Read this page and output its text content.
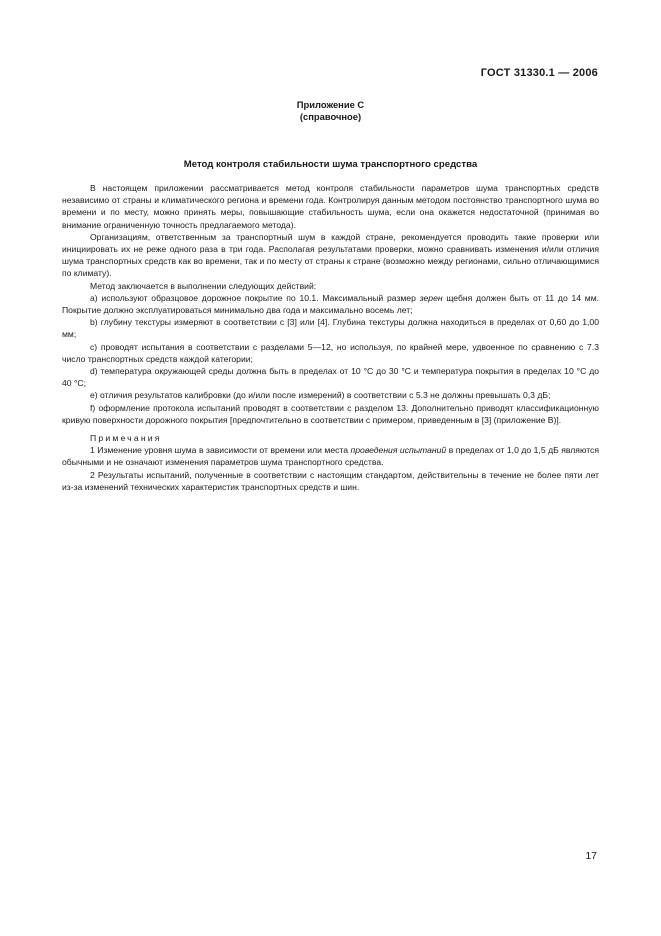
ГОСТ 31330.1 — 2006
Приложение С
(справочное)
Метод контроля стабильности шума транспортного средства

В настоящем приложении рассматривается метод контроля стабильности параметров шума транспортных средств независимо от страны и климатического региона и времени года. Контролируя данным методом постоянство транспортного шума во времени и по месту, можно принять меры, повышающие стабильность шума, если она окажется недостаточной (принимая во внимание ограниченную точность предлагаемого метода).

Организациям, ответственным за транспортный шум в каждой стране, рекомендуется проводить такие проверки или инициировать их не реже одного раза в три года. Располагая результатами проверки, можно сравнивать изменения и/или отличия шума транспортных средств как во времени, так и по месту от страны к стране (возможно между регионами, сильно отличающимися по климату).

Метод заключается в выполнении следующих действий:

a) используют образцовое дорожное покрытие по 10.1. Максимальный размер зерен щебня должен быть от 11 до 14 мм. Покрытие должно эксплуатироваться минимально два года и максимально восемь лет;

b) глубину текстуры измеряют в соответствии с [3] или [4]. Глубина текстуры должна находиться в пределах от 0,60 до 1,00 мм;

c) проводят испытания в соответствии с разделами 5—12, но используя, по крайней мере, удвоенное по сравнению с 7.3 число транспортных средств каждой категории;

d) температура окружающей среды должна быть в пределах от 10 °С до 30 °С и температура покрытия в пределах 10 °С до 40 °С;

e) отличия результатов калибровки (до и/или после измерений) в соответствии с 5.3 не должны превышать 0,3 дБ;

f) оформление протокола испытаний проводят в соответствии с разделом 13. Дополнительно приводят классификационную кривую поверхности дорожного покрытия [предпочтительно в соответствии с примером, приведенным в [3] (приложение В)].

Примечания

1 Изменение уровня шума в зависимости от времени или места проведения испытаний в пределах от 1,0 до 1,5 дБ являются обычными и не означают изменения параметров шума транспортного средства.

2 Результаты испытаний, полученные в соответствии с настоящим стандартом, действительны в течение не более пяти лет из-за изменений технических характеристик транспортных средств и шин.

17
